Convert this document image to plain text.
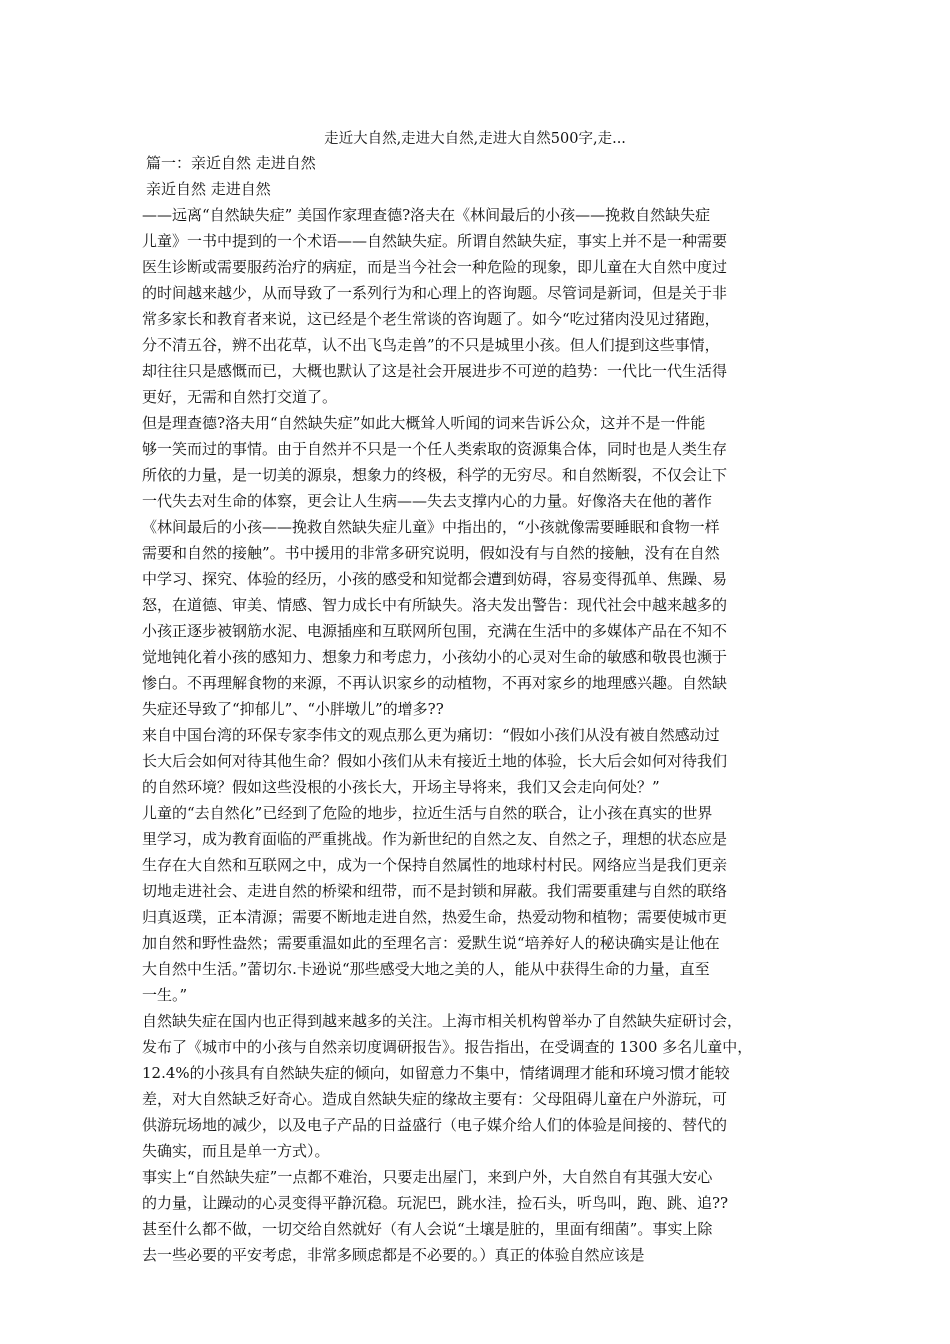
走近大自然,走进大自然,走进大自然500字,走...

篇一：亲近自然 走进自然

亲近自然 走进自然

——远离“自然缺失症” 美国作家理查德?洛夫在《林间最后的小孩——挽救自然缺失症

儿童》一书中提到的一个术语——自然缺失症。所谓自然缺失症，事实上并不是一种需要

医生诊断或需要服药治疗的病症，而是当今社会一种危险的现象，即儿童在大自然中度过

的时间越来越少，从而导致了一系列行为和心理上的咨询题。尽管词是新词，但是关于非

常多家长和教育者来说，这已经是个老生常谈的咨询题了。如今“吃过猪肉没见过猪跑，

分不清五谷，辨不出花草，认不出飞鸟走兽”的不只是城里小孩。但人们提到这些事情，

却往往只是感慨而已，大概也默认了这是社会开展进步不可逆的趋势：一代比一代生活得

更好，无需和自然打交道了。

但是理查德?洛夫用“自然缺失症”如此大概耸人听闻的词来告诉公众，这并不是一件能

够一笑而过的事情。由于自然并不只是一个任人类索取的资源集合体，同时也是人类生存

所依的力量，是一切美的源泉，想象力的终极，科学的无穷尽。和自然断裂，不仅会让下

一代失去对生命的体察，更会让人生病——失去支撑内心的力量。好像洛夫在他的著作

《林间最后的小孩——挽救自然缺失症儿童》中指出的，“小孩就像需要睡眠和食物一样

需要和自然的接触”。书中援用的非常多研究说明，假如没有与自然的接触，没有在自然

中学习、探究、体验的经历，小孩的感受和知觉都会遭到妨碍，容易变得孤单、焦躁、易

怒，在道德、审美、情感、智力成长中有所缺失。洛夫发出警告：现代社会中越来越多的

小孩正逐步被钢筋水泥、电源插座和互联网所包围，充满在生活中的多媒体产品在不知不

觉地钝化着小孩的感知力、想象力和考虑力，小孩幼小的心灵对生命的敏感和敬畏也濒于

惨白。不再理解食物的来源，不再认识家乡的动植物，不再对家乡的地理感兴趣。自然缺

失症还导致了“抑郁儿”、“小胖墩儿”的增多??

来自中国台湾的环保专家李伟文的观点那么更为痛切：“假如小孩们从没有被自然感动过

长大后会如何对待其他生命？假如小孩们从未有接近土地的体验，长大后会如何对待我们

的自然环境？假如这些没根的小孩长大，开场主导将来，我们又会走向何处？”

儿童的“去自然化”已经到了危险的地步，拉近生活与自然的联合，让小孩在真实的世界

里学习，成为教育面临的严重挑战。作为新世纪的自然之友、自然之子，理想的状态应是

生存在大自然和互联网之中，成为一个保持自然属性的地球村村民。网络应当是我们更亲

切地走进社会、走进自然的桥梁和纽带，而不是封锁和屏蔽。我们需要重建与自然的联络

归真返璞，正本清源；需要不断地走进自然，热爱生命，热爱动物和植物；需要使城市更

加自然和野性盎然；需要重温如此的至理名言：爱默生说“培养好人的秘诀确实是让他在

大自然中生活。”蕾切尔.卡逊说“那些感受大地之美的人，能从中获得生命的力量，直至

一生。”

自然缺失症在国内也正得到越来越多的关注。上海市相关机构曾举办了自然缺失症研讨会，

发布了《城市中的小孩与自然亲切度调研报告》。报告指出，在受调查的 1300 多名儿童中，

12.4%的小孩具有自然缺失症的倾向，如留意力不集中，情绪调理才能和环境习惯才能较

差，对大自然缺乏好奇心。造成自然缺失症的缘故主要有：父母阻碍儿童在户外游玩，可

供游玩场地的减少，以及电子产品的日益盛行（电子媒介给人们的体验是间接的、替代的

失确实，而且是单一方式）。

事实上“自然缺失症”一点都不难治，只要走出屋门，来到户外，大自然自有其强大安心

的力量，让躁动的心灵变得平静沉稳。玩泥巴，跳水洼，捡石头，听鸟叫，跑、跳、追??

甚至什么都不做，一切交给自然就好（有人会说“土壤是脏的，里面有细菌”。事实上除

去一些必要的平安考虑，非常多顾虑都是不必要的。）真正的体验自然应该是
